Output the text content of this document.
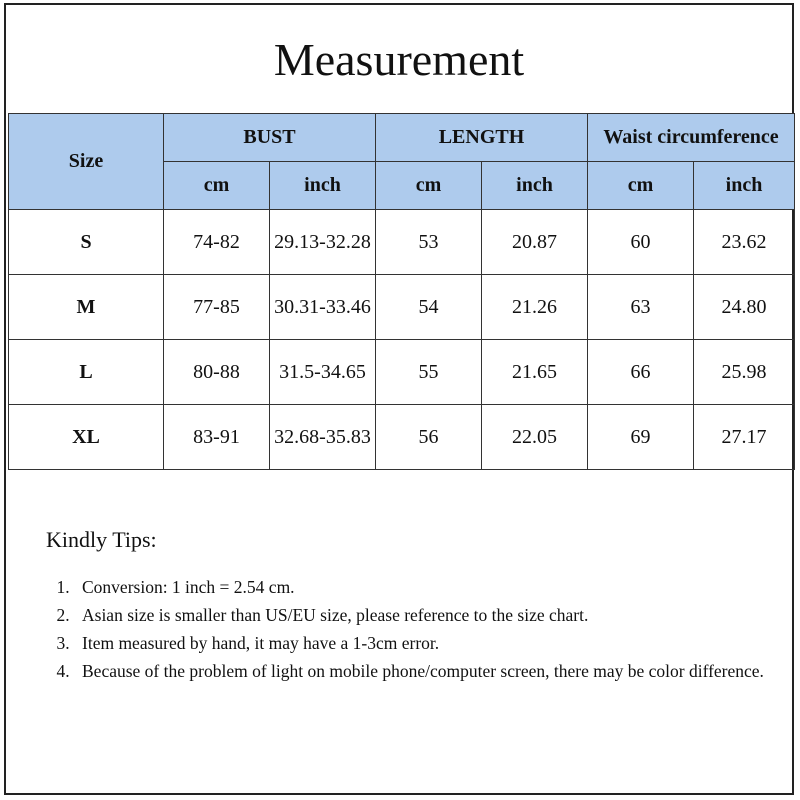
Measurement
Size	BUST		LENGTH		Waist circumference	
	cm	inch	cm	inch	cm	inch
S	74-82	29.13-32.28	53	20.87	60	23.62
M	77-85	30.31-33.46	54	21.26	63	24.80
L	80-88	31.5-34.65	55	21.65	66	25.98
XL	83-91	32.68-35.83	56	22.05	69	27.17
Kindly Tips:
1. Conversion: 1 inch = 2.54 cm.
2. Asian size is smaller than US/EU size, please reference to the size chart.
3. Item measured by hand, it may have a 1-3cm error.
4. Because of the problem of light on mobile phone/computer screen, there may be color difference.
